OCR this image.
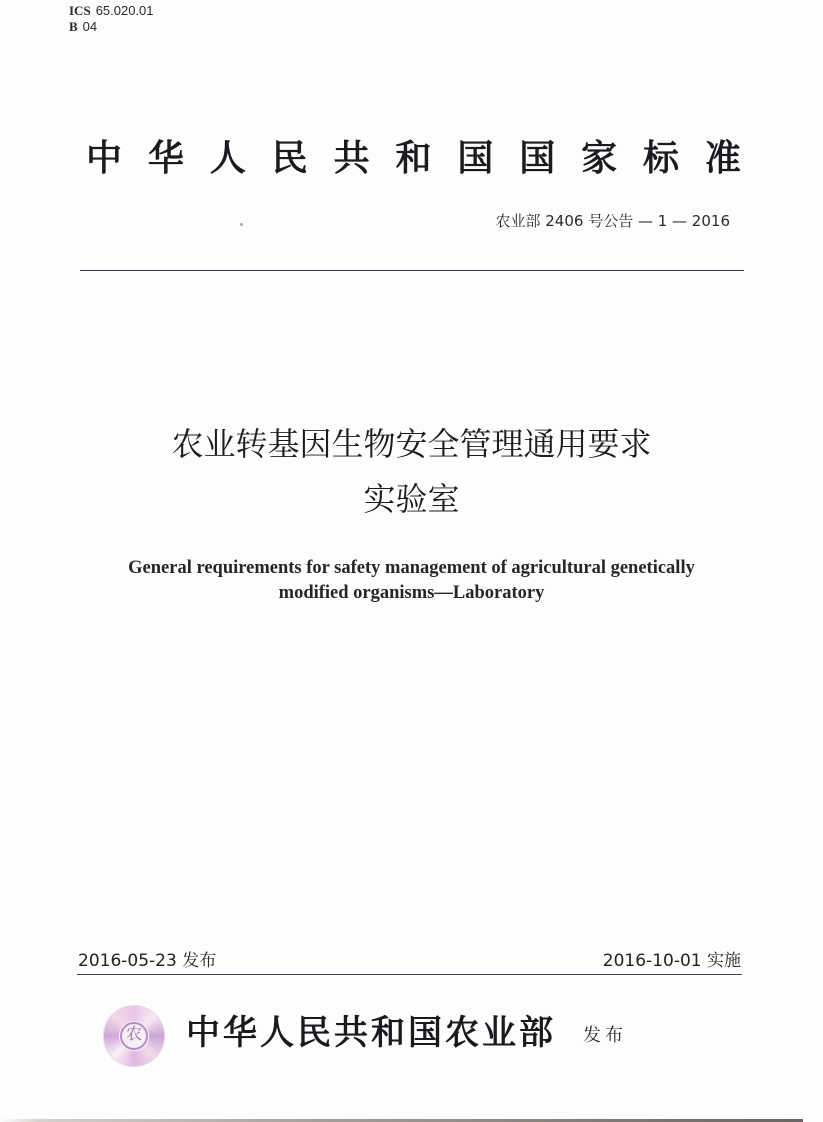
ICS 65.020.01
B 04
中 华 人 民 共 和 国 国 家 标 准
农业部 2406 号公告 — 1 — 2016
农业转基因生物安全管理通用要求
实验室
General requirements for safety management of agricultural genetically
modified organisms—Laboratory
2016-05-23 发布	2016-10-01 实施
农	中华人民共和国农业部 发布
